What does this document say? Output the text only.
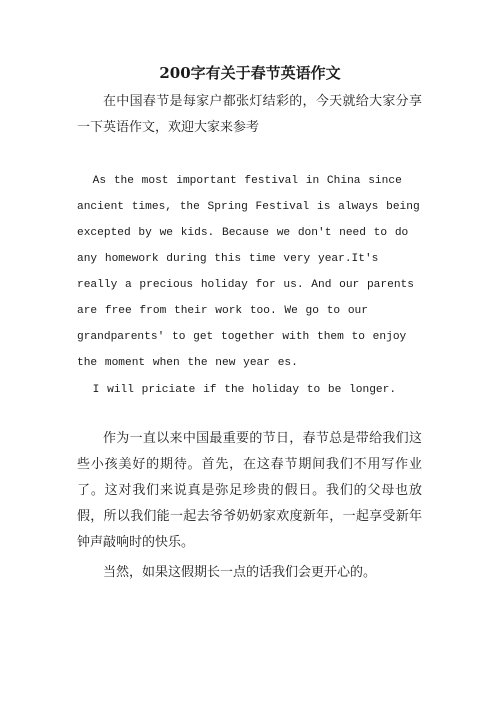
200字有关于春节英语作文

在中国春节是每家户都张灯结彩的，今天就给大家分享一下英语作文，欢迎大家来参考

As the most important festival in China since ancient times, the Spring Festival is always being excepted by we kids. Because we don't need to do any homework during this time very year.It's really a precious holiday for us. And our parents are free from their work too. We go to our grandparents' to get together with them to enjoy the moment when the new year es.

I will priciate if the holiday to be longer.

作为一直以来中国最重要的节日，春节总是带给我们这些小孩美好的期待。首先，在这春节期间我们不用写作业了。这对我们来说真是弥足珍贵的假日。我们的父母也放假，所以我们能一起去爷爷奶奶家欢度新年，一起享受新年钟声敲响时的快乐。

当然，如果这假期长一点的话我们会更开心的。
